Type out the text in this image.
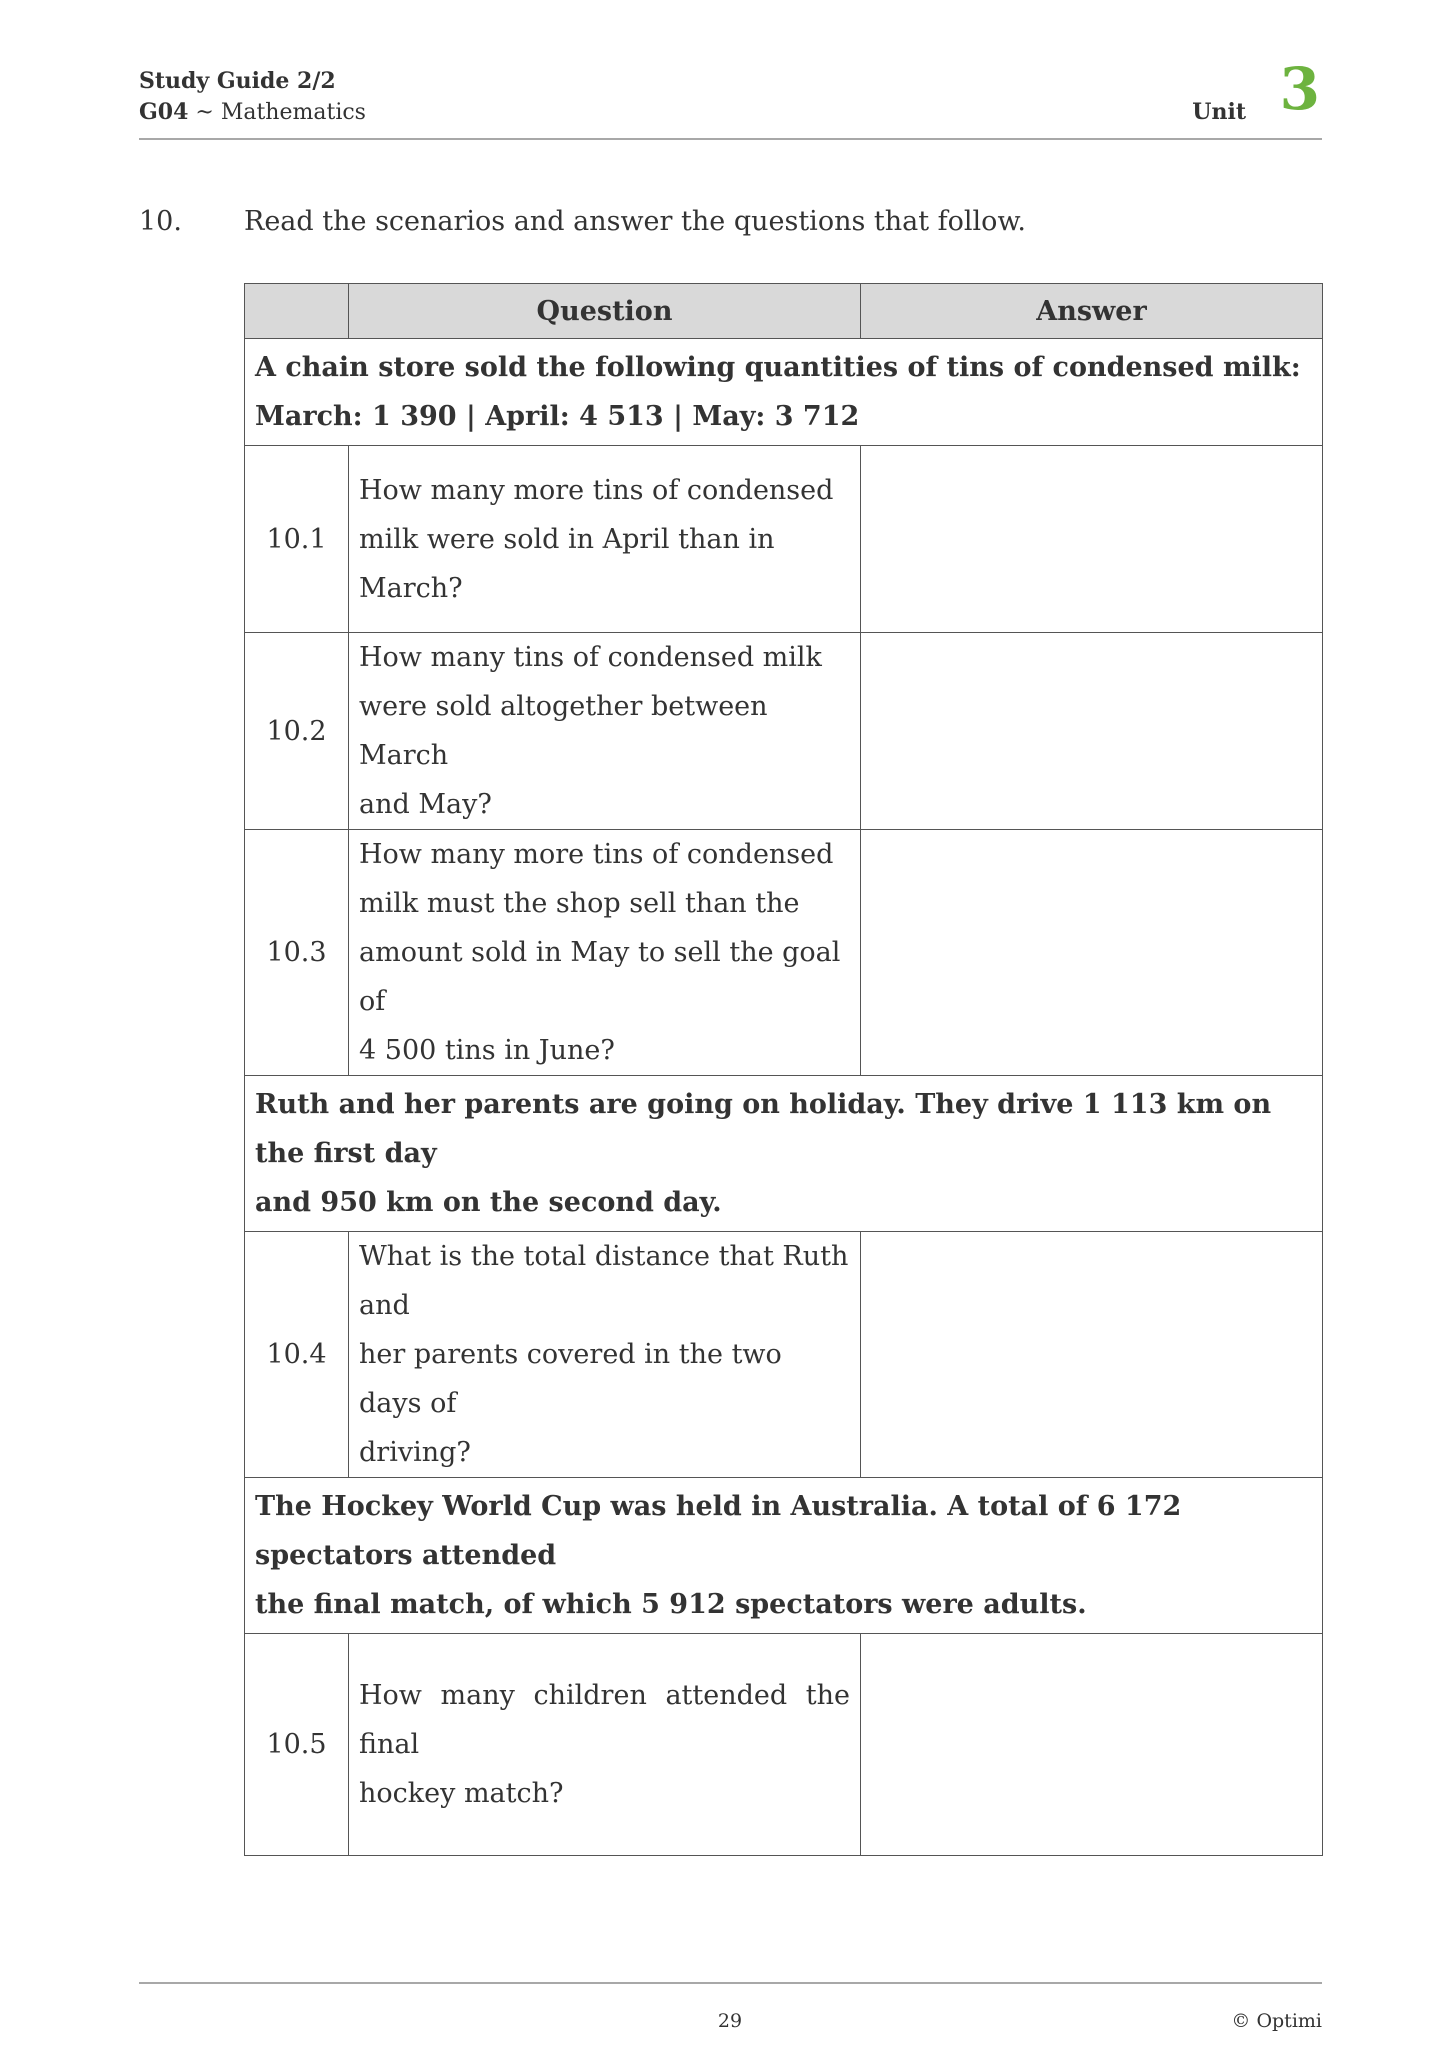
Study Guide 2/2
G04 ~ Mathematics	Unit 3
10. Read the scenarios and answer the questions that follow.
	Question	Answer

A chain store sold the following quantities of tins of condensed milk:
March: 1 390 | April: 4 513 | May: 3 712		

10.1	How many more tins of condensed
milk were sold in April than in March?	

10.2	How many tins of condensed milk
were sold altogether between March
and May?	

10.3	How many more tins of condensed
milk must the shop sell than the
amount sold in May to sell the goal of
4 500 tins in June?	

Ruth and her parents are going on holiday. They drive 1 113 km on the first day
and 950 km on the second day.		

10.4	What is the total distance that Ruth and
her parents covered in the two days of
driving?	

The Hockey World Cup was held in Australia. A total of 6 172 spectators attended
the final match, of which 5 912 spectators were adults.		

10.5	How many children attended the final
hockey match?	

29	© Optimi
